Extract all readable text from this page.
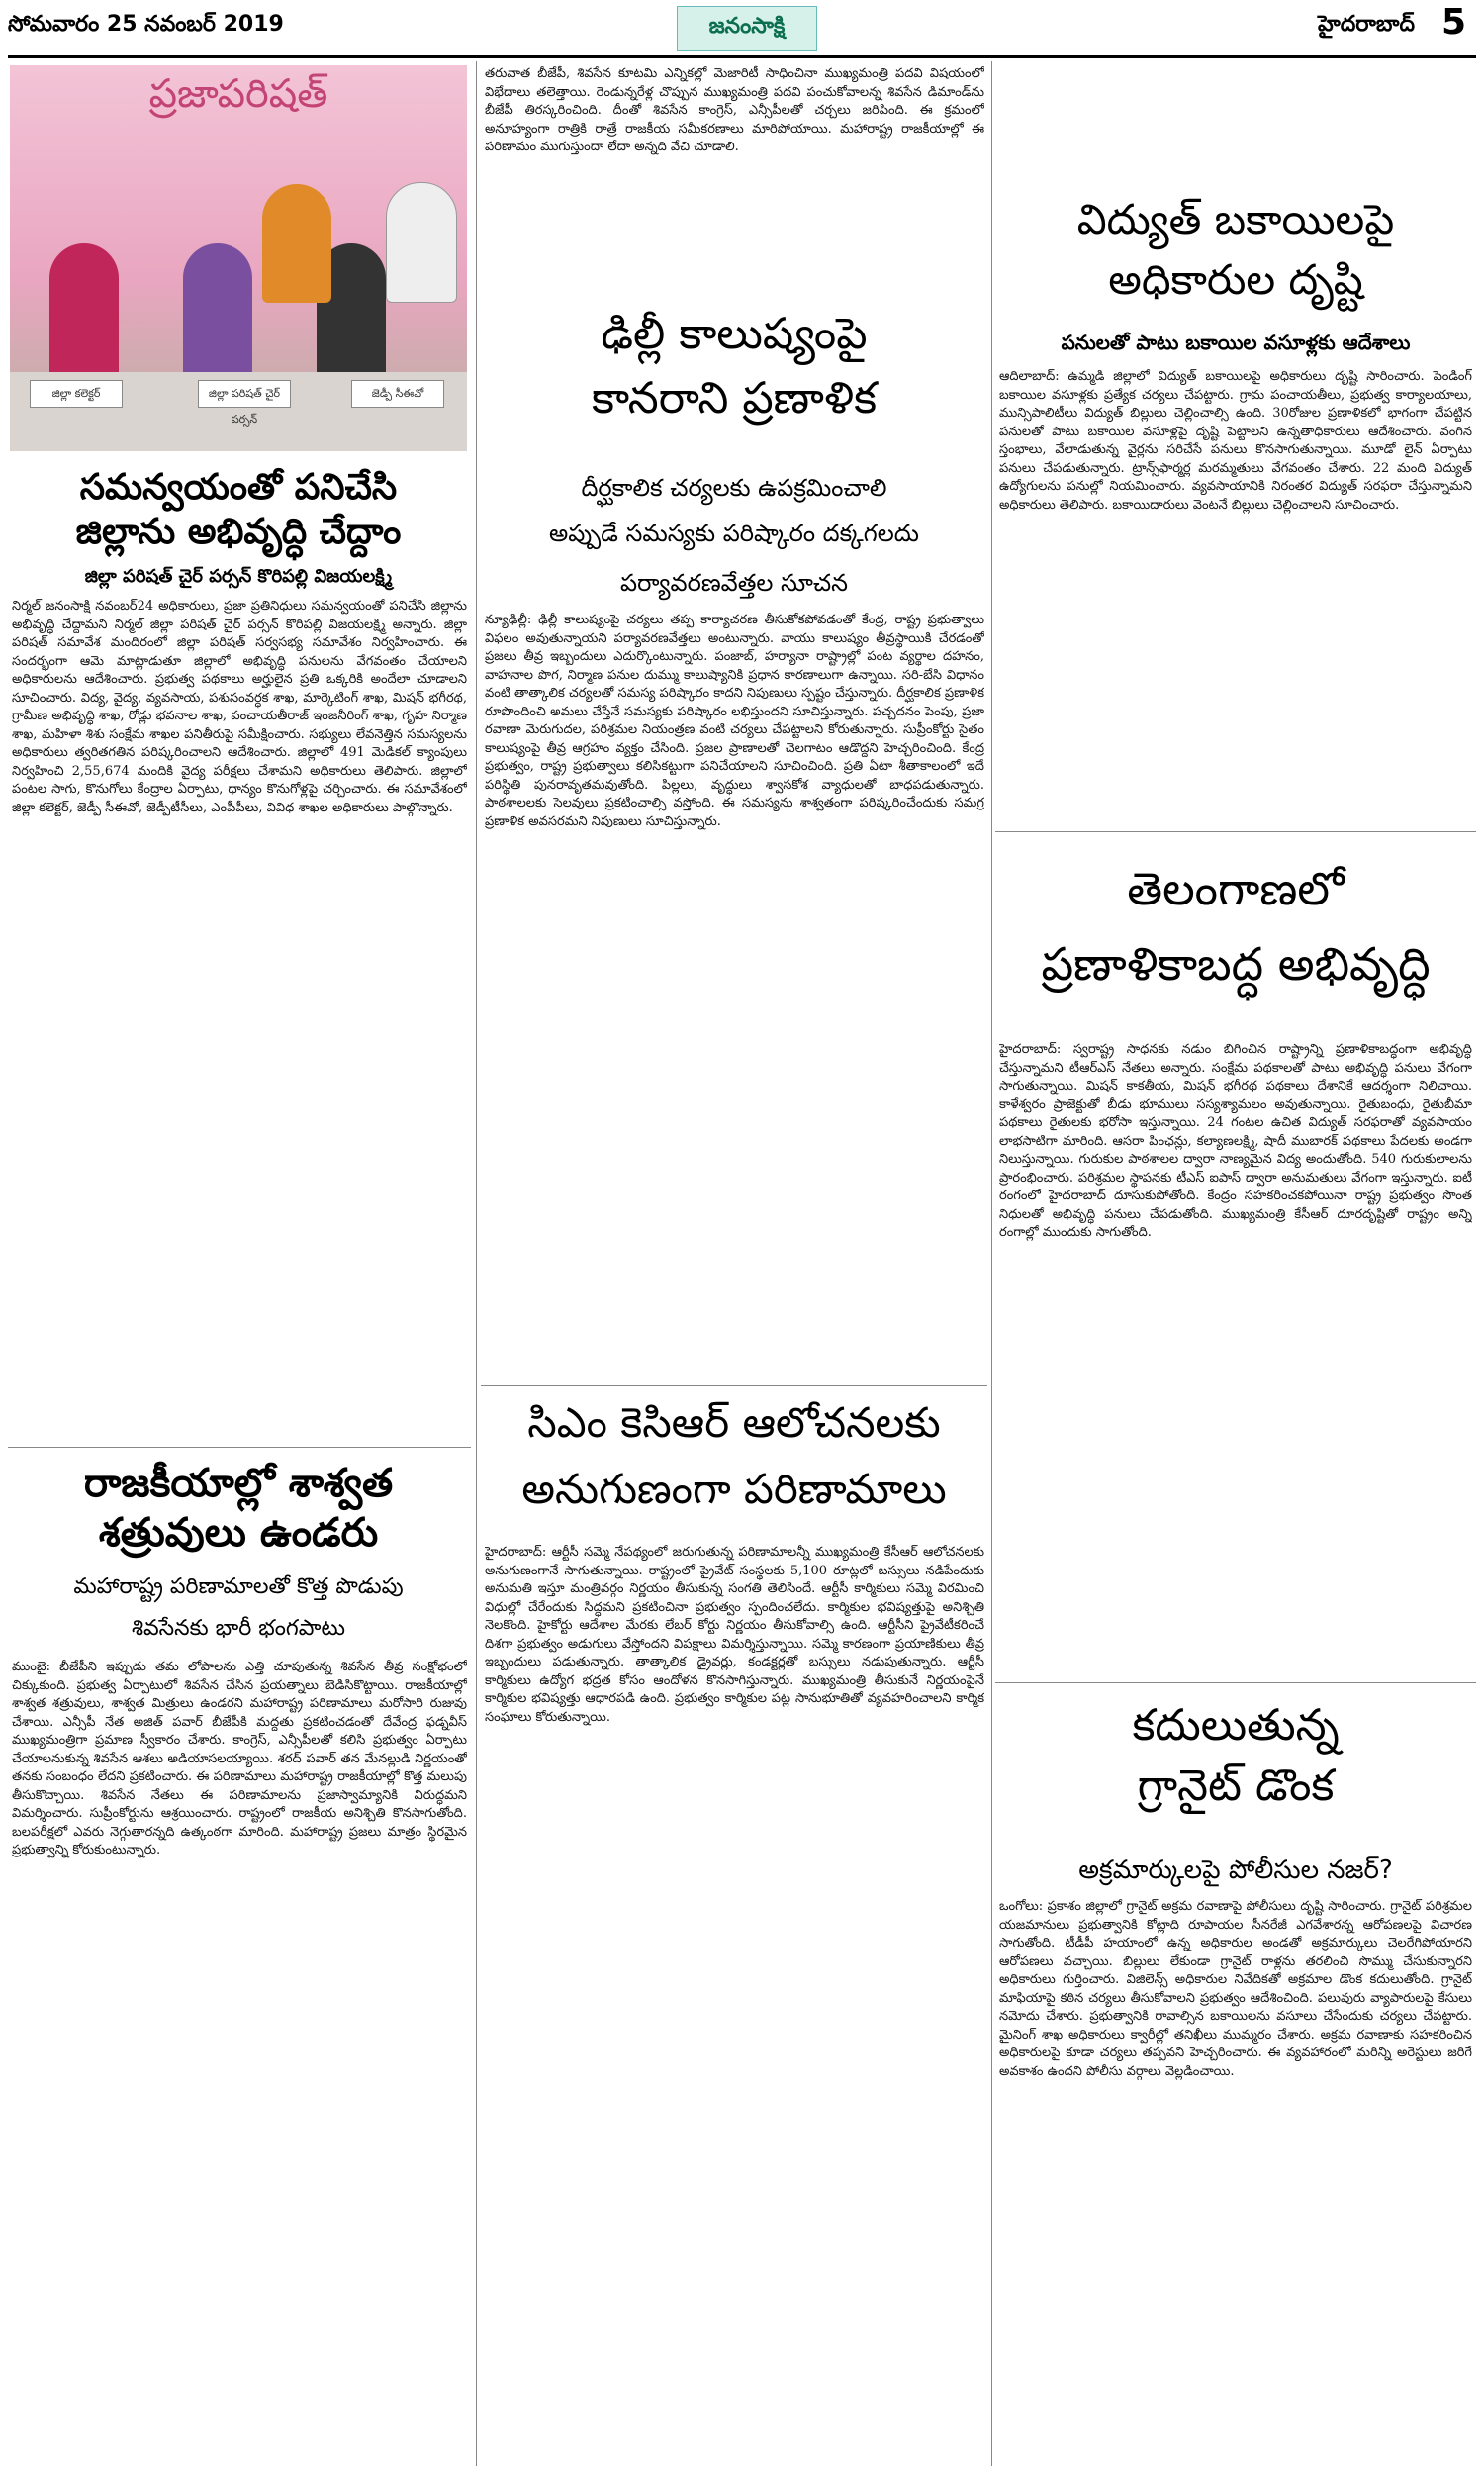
సోమవారం 25 నవంబర్ 2019	జనంసాక్షి	హైదరాబాద్ 5
ప్రజాపరిషత్
జిల్లా కలెక్టర్	జిల్లా పరిషత్ చైర్ పర్సన్
జెడ్పీ సీఈవో
సమన్వయంతో పనిచేసి
జిల్లాను అభివృద్ధి చేద్దాం
జిల్లా పరిషత్ చైర్ పర్సన్ కొరిపల్లి విజయలక్ష్మి
నిర్మల్ జనంసాక్షి నవంబర్24 అధికారులు, ప్రజా ప్రతినిధులు సమన్వయంతో పనిచేసి జిల్లాను అభివృద్ధి చేద్దామని నిర్మల్ జిల్లా పరిషత్ చైర్ పర్సన్ కొరిపల్లి విజయలక్ష్మి అన్నారు. జిల్లా పరిషత్ సమావేశ మందిరంలో జిల్లా పరిషత్ సర్వసభ్య సమావేశం నిర్వహించారు. ఈ సందర్భంగా ఆమె మాట్లాడుతూ జిల్లాలో అభివృద్ధి పనులను వేగవంతం చేయాలని అధికారులను ఆదేశించారు. ప్రభుత్వ పథకాలు అర్హులైన ప్రతి ఒక్కరికి అందేలా చూడాలని సూచించారు. విద్య, వైద్య, వ్యవసాయ, పశుసంవర్ధక శాఖ, మార్కెటింగ్ శాఖ, మిషన్ భగీరథ, గ్రామీణ అభివృద్ధి శాఖ, రోడ్లు భవనాల శాఖ, పంచాయతీరాజ్ ఇంజనీరింగ్ శాఖ, గృహ నిర్మాణ శాఖ, మహిళా శిశు సంక్షేమ శాఖల పనితీరుపై సమీక్షించారు. సభ్యులు లేవనెత్తిన సమస్యలను అధికారులు త్వరితగతిన పరిష్కరించాలని ఆదేశించారు. జిల్లాలో 491 మెడికల్ క్యాంపులు నిర్వహించి 2,55,674 మందికి వైద్య పరీక్షలు చేశామని అధికారులు తెలిపారు. జిల్లాలో పంటల సాగు, కొనుగోలు కేంద్రాల ఏర్పాటు, ధాన్యం కొనుగోళ్లపై చర్చించారు. ఈ సమావేశంలో జిల్లా కలెక్టర్, జెడ్పీ సీఈవో, జెడ్పీటీసీలు, ఎంపీపీలు, వివిధ శాఖల అధికారులు పాల్గొన్నారు.
రాజకీయాల్లో శాశ్వత
శత్రువులు ఉండరు
మహారాష్ట్ర పరిణామాలతో కొత్త పొడుపు
శివసేనకు భారీ భంగపాటు
ముంబై: బీజేపీని ఇప్పుడు తమ లోపాలను ఎత్తి చూపుతున్న శివసేన తీవ్ర సంక్షోభంలో చిక్కుకుంది. ప్రభుత్వ ఏర్పాటులో శివసేన చేసిన ప్రయత్నాలు బెడిసికొట్టాయి. రాజకీయాల్లో శాశ్వత శత్రువులు, శాశ్వత మిత్రులు ఉండరని మహారాష్ట్ర పరిణామాలు మరోసారి రుజువు చేశాయి. ఎన్సీపీ నేత అజిత్ పవార్ బీజేపీకి మద్దతు ప్రకటించడంతో దేవేంద్ర ఫడ్నవీస్ ముఖ్యమంత్రిగా ప్రమాణ స్వీకారం చేశారు. కాంగ్రెస్, ఎన్సీపీలతో కలిసి ప్రభుత్వం ఏర్పాటు చేయాలనుకున్న శివసేన ఆశలు అడియాసలయ్యాయి. శరద్ పవార్ తన మేనల్లుడి నిర్ణయంతో తనకు సంబంధం లేదని ప్రకటించారు. ఈ పరిణామాలు మహారాష్ట్ర రాజకీయాల్లో కొత్త మలుపు తీసుకొచ్చాయి. శివసేన నేతలు ఈ పరిణామాలను ప్రజాస్వామ్యానికి విరుద్ధమని విమర్శించారు. సుప్రీంకోర్టును ఆశ్రయించారు. రాష్ట్రంలో రాజకీయ అనిశ్చితి కొనసాగుతోంది. బలపరీక్షలో ఎవరు నెగ్గుతారన్నది ఉత్కంఠగా మారింది. మహారాష్ట్ర ప్రజలు మాత్రం స్థిరమైన ప్రభుత్వాన్ని కోరుకుంటున్నారు.
తరువాత బీజేపీ, శివసేన కూటమి ఎన్నికల్లో మెజారిటీ సాధించినా ముఖ్యమంత్రి పదవి విషయంలో విభేదాలు తలెత్తాయి. రెండున్నరేళ్ల చొప్పున ముఖ్యమంత్రి పదవి పంచుకోవాలన్న శివసేన డిమాండ్‌ను బీజేపీ తిరస్కరించింది. దీంతో శివసేన కాంగ్రెస్, ఎన్సీపీలతో చర్చలు జరిపింది. ఈ క్రమంలో అనూహ్యంగా రాత్రికి రాత్రే రాజకీయ సమీకరణాలు మారిపోయాయి. మహారాష్ట్ర రాజకీయాల్లో ఈ పరిణామం ముగుస్తుందా లేదా అన్నది వేచి చూడాలి.
ఢిల్లీ కాలుష్యంపై
కానరాని ప్రణాళిక
దీర్ఘకాలిక చర్యలకు ఉపక్రమించాలి
అప్పుడే సమస్యకు పరిష్కారం దక్కగలదు
పర్యావరణవేత్తల సూచన
న్యూఢిల్లీ: ఢిల్లీ కాలుష్యంపై చర్యలు తప్ప కార్యాచరణ తీసుకోకపోవడంతో కేంద్ర, రాష్ట్ర ప్రభుత్వాలు విఫలం అవుతున్నాయని పర్యావరణవేత్తలు అంటున్నారు. వాయు కాలుష్యం తీవ్రస్థాయికి చేరడంతో ప్రజలు తీవ్ర ఇబ్బందులు ఎదుర్కొంటున్నారు. పంజాబ్, హర్యానా రాష్ట్రాల్లో పంట వ్యర్థాల దహనం, వాహనాల పొగ, నిర్మాణ పనుల దుమ్ము కాలుష్యానికి ప్రధాన కారణాలుగా ఉన్నాయి. సరి-బేసి విధానం వంటి తాత్కాలిక చర్యలతో సమస్య పరిష్కారం కాదని నిపుణులు స్పష్టం చేస్తున్నారు. దీర్ఘకాలిక ప్రణాళిక రూపొందించి అమలు చేస్తేనే సమస్యకు పరిష్కారం లభిస్తుందని సూచిస్తున్నారు. పచ్చదనం పెంపు, ప్రజా రవాణా మెరుగుదల, పరిశ్రమల నియంత్రణ వంటి చర్యలు చేపట్టాలని కోరుతున్నారు. సుప్రీంకోర్టు సైతం కాలుష్యంపై తీవ్ర ఆగ్రహం వ్యక్తం చేసింది. ప్రజల ప్రాణాలతో చెలగాటం ఆడొద్దని హెచ్చరించింది. కేంద్ర ప్రభుత్వం, రాష్ట్ర ప్రభుత్వాలు కలిసికట్టుగా పనిచేయాలని సూచించింది. ప్రతి ఏటా శీతాకాలంలో ఇదే పరిస్థితి పునరావృతమవుతోంది. పిల్లలు, వృద్ధులు శ్వాసకోశ వ్యాధులతో బాధపడుతున్నారు. పాఠశాలలకు సెలవులు ప్రకటించాల్సి వస్తోంది. ఈ సమస్యను శాశ్వతంగా పరిష్కరించేందుకు సమగ్ర ప్రణాళిక అవసరమని నిపుణులు సూచిస్తున్నారు.
సిఎం కెసిఆర్ ఆలోచనలకు
అనుగుణంగా పరిణామాలు
హైదరాబాద్: ఆర్టీసీ సమ్మె నేపథ్యంలో జరుగుతున్న పరిణామాలన్నీ ముఖ్యమంత్రి కేసీఆర్ ఆలోచనలకు అనుగుణంగానే సాగుతున్నాయి. రాష్ట్రంలో ప్రైవేట్ సంస్థలకు 5,100 రూట్లలో బస్సులు నడిపేందుకు అనుమతి ఇస్తూ మంత్రివర్గం నిర్ణయం తీసుకున్న సంగతి తెలిసిందే. ఆర్టీసీ కార్మికులు సమ్మె విరమించి విధుల్లో చేరేందుకు సిద్ధమని ప్రకటించినా ప్రభుత్వం స్పందించలేదు. కార్మికుల భవిష్యత్తుపై అనిశ్చితి నెలకొంది. హైకోర్టు ఆదేశాల మేరకు లేబర్ కోర్టు నిర్ణయం తీసుకోవాల్సి ఉంది. ఆర్టీసీని ప్రైవేటీకరించే దిశగా ప్రభుత్వం అడుగులు వేస్తోందని విపక్షాలు విమర్శిస్తున్నాయి. సమ్మె కారణంగా ప్రయాణికులు తీవ్ర ఇబ్బందులు పడుతున్నారు. తాత్కాలిక డ్రైవర్లు, కండక్టర్లతో బస్సులు నడుపుతున్నారు. ఆర్టీసీ కార్మికులు ఉద్యోగ భద్రత కోసం ఆందోళన కొనసాగిస్తున్నారు. ముఖ్యమంత్రి తీసుకునే నిర్ణయంపైనే కార్మికుల భవిష్యత్తు ఆధారపడి ఉంది. ప్రభుత్వం కార్మికుల పట్ల సానుభూతితో వ్యవహరించాలని కార్మిక సంఘాలు కోరుతున్నాయి.
విద్యుత్ బకాయిలపై
అధికారుల దృష్టి
పనులతో పాటు బకాయిల వసూళ్లకు ఆదేశాలు
ఆదిలాబాద్: ఉమ్మడి జిల్లాలో విద్యుత్ బకాయిలపై అధికారులు దృష్టి సారించారు. పెండింగ్ బకాయిల వసూళ్లకు ప్రత్యేక చర్యలు చేపట్టారు. గ్రామ పంచాయతీలు, ప్రభుత్వ కార్యాలయాలు, మున్సిపాలిటీలు విద్యుత్ బిల్లులు చెల్లించాల్సి ఉంది. 30రోజుల ప్రణాళికలో భాగంగా చేపట్టిన పనులతో పాటు బకాయిల వసూళ్లపై దృష్టి పెట్టాలని ఉన్నతాధికారులు ఆదేశించారు. వంగిన స్తంభాలు, వేలాడుతున్న వైర్లను సరిచేసే పనులు కొనసాగుతున్నాయి. మూడో లైన్ ఏర్పాటు పనులు చేపడుతున్నారు. ట్రాన్స్‌ఫార్మర్ల మరమ్మతులు వేగవంతం చేశారు. 22 మంది విద్యుత్ ఉద్యోగులను పనుల్లో నియమించారు. వ్యవసాయానికి నిరంతర విద్యుత్ సరఫరా చేస్తున్నామని అధికారులు తెలిపారు. బకాయిదారులు వెంటనే బిల్లులు చెల్లించాలని సూచించారు.
తెలంగాణలో
ప్రణాళికాబద్ధ అభివృద్ధి
హైదరాబాద్: స్వరాష్ట్ర సాధనకు నడుం బిగించిన రాష్ట్రాన్ని ప్రణాళికాబద్ధంగా అభివృద్ధి చేస్తున్నామని టీఆర్ఎస్ నేతలు అన్నారు. సంక్షేమ పథకాలతో పాటు అభివృద్ధి పనులు వేగంగా సాగుతున్నాయి. మిషన్ కాకతీయ, మిషన్ భగీరథ పథకాలు దేశానికే ఆదర్శంగా నిలిచాయి. కాళేశ్వరం ప్రాజెక్టుతో బీడు భూములు సస్యశ్యామలం అవుతున్నాయి. రైతుబంధు, రైతుబీమా పథకాలు రైతులకు భరోసా ఇస్తున్నాయి. 24 గంటల ఉచిత విద్యుత్ సరఫరాతో వ్యవసాయం లాభసాటిగా మారింది. ఆసరా పింఛన్లు, కల్యాణలక్ష్మి, షాదీ ముబారక్ పథకాలు పేదలకు అండగా నిలుస్తున్నాయి. గురుకుల పాఠశాలల ద్వారా నాణ్యమైన విద్య అందుతోంది. 540 గురుకులాలను ప్రారంభించారు. పరిశ్రమల స్థాపనకు టీఎస్ ఐపాస్ ద్వారా అనుమతులు వేగంగా ఇస్తున్నారు. ఐటీ రంగంలో హైదరాబాద్ దూసుకుపోతోంది. కేంద్రం సహకరించకపోయినా రాష్ట్ర ప్రభుత్వం సొంత నిధులతో అభివృద్ధి పనులు చేపడుతోంది. ముఖ్యమంత్రి కేసీఆర్ దూరదృష్టితో రాష్ట్రం అన్ని రంగాల్లో ముందుకు సాగుతోంది.
కదులుతున్న
గ్రానైట్ డొంక
అక్రమార్కులపై పోలీసుల నజర్?
ఒంగోలు: ప్రకాశం జిల్లాలో గ్రానైట్ అక్రమ రవాణాపై పోలీసులు దృష్టి సారించారు. గ్రానైట్ పరిశ్రమల యజమానులు ప్రభుత్వానికి కోట్లాది రూపాయల సీనరేజీ ఎగవేశారన్న ఆరోపణలపై విచారణ సాగుతోంది. టీడీపీ హయాంలో ఉన్న అధికారుల అండతో అక్రమార్కులు చెలరేగిపోయారని ఆరోపణలు వచ్చాయి. బిల్లులు లేకుండా గ్రానైట్ రాళ్లను తరలించి సొమ్ము చేసుకున్నారని అధికారులు గుర్తించారు. విజిలెన్స్ అధికారుల నివేదికతో అక్రమాల డొంక కదులుతోంది. గ్రానైట్ మాఫియాపై కఠిన చర్యలు తీసుకోవాలని ప్రభుత్వం ఆదేశించింది. పలువురు వ్యాపారులపై కేసులు నమోదు చేశారు. ప్రభుత్వానికి రావాల్సిన బకాయిలను వసూలు చేసేందుకు చర్యలు చేపట్టారు. మైనింగ్ శాఖ అధికారులు క్వారీల్లో తనిఖీలు ముమ్మరం చేశారు. అక్రమ రవాణాకు సహకరించిన అధికారులపై కూడా చర్యలు తప్పవని హెచ్చరించారు. ఈ వ్యవహారంలో మరిన్ని అరెస్టులు జరిగే అవకాశం ఉందని పోలీసు వర్గాలు వెల్లడించాయి.
